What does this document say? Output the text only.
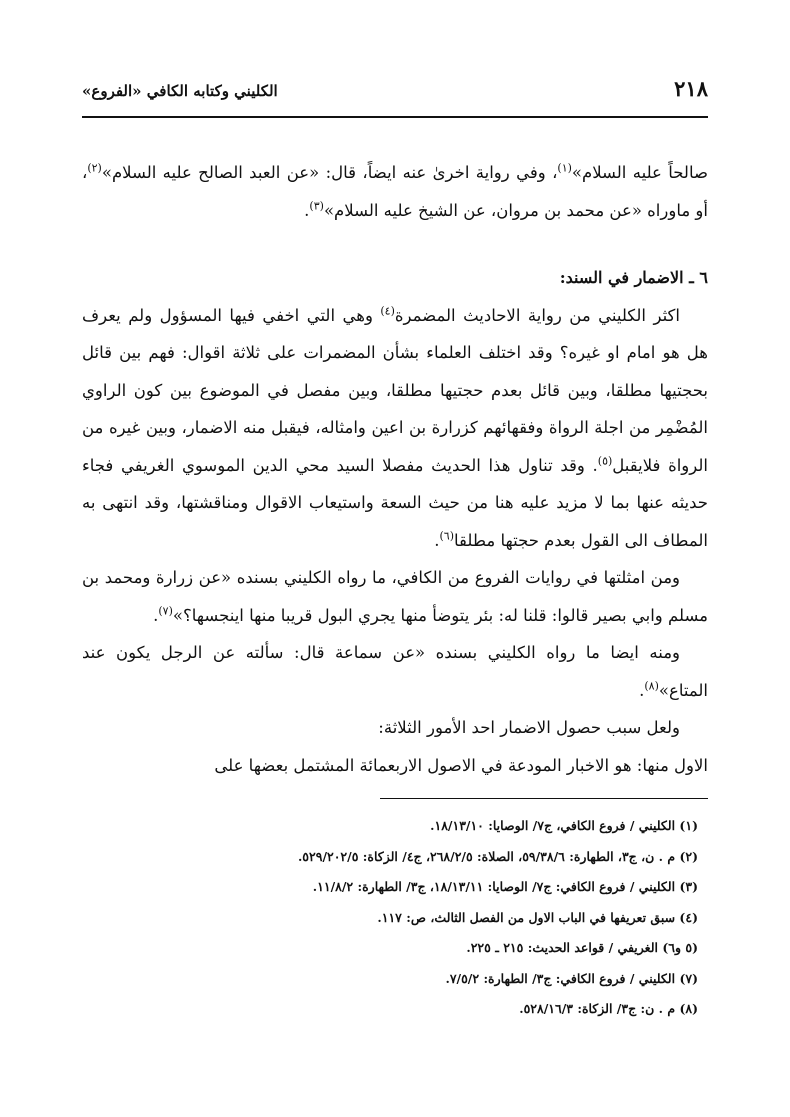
٢١٨
الكليني وكتابه الكافي «الفروع»

صالحاً عليه السلام»$^{(١)}$، وفي رواية اخرىٰ عنه ايضاً، قال: «عن العبد الصالح عليه السلام»$^{(٢)}$، أو ماوراه «عن محمد بن مروان، عن الشيخ عليه السلام»$^{(٣)}$.

٦ ـ الاضمار في السند:

اكثر الكليني من رواية الاحاديث المضمرة$^{(٤)}$ وهي التي اخفي فيها المسؤول ولم يعرف هل هو امام او غيره؟ وقد اختلف العلماء بشأن المضمرات على ثلاثة اقوال: فهم بين قائل بحجتيها مطلقا، وبين قائل بعدم حجتيها مطلقا، وبين مفصل في الموضوع بين كون الراوي المُضْمِر من اجلة الرواة وفقهائهم كزرارة بن اعين وامثاله، فيقبل منه الاضمار، وبين غيره من الرواة فلايقبل$^{(٥)}$. وقد تناول هذا الحديث مفصلا السيد محي الدين الموسوي الغريفي فجاء حديثه عنها بما لا مزيد عليه هنا من حيث السعة واستيعاب الاقوال ومناقشتها، وقد انتهى به المطاف الى القول بعدم حجتها مطلقا$^{(٦)}$.

ومن امثلتها في روايات الفروع من الكافي، ما رواه الكليني بسنده «عن زرارة ومحمد بن مسلم وابي بصير قالوا: قلنا له: بئر يتوضأ منها يجري البول قريبا منها اينجسها؟»$^{(٧)}$.

ومنه ايضا ما رواه الكليني بسنده «عن سماعة قال: سألته عن الرجل يكون عند المتاع»$^{(٨)}$.

ولعل سبب حصول الاضمار احد الأمور الثلاثة:

الاول منها: هو الاخبار المودعة في الاصول الاربعمائة المشتمل بعضها على

(١) الكليني / فروع الكافي، ج٧/ الوصايا: ١٨/١٣/١٠.
(٢) م . ن، ج٣، الطهارة: ٥٩/٣٨/٦، الصلاة: ٢٦٨/٢/٥، ج٤/ الزكاة: ٥٢٩/٢٠٢/٥.
(٣) الكليني / فروع الكافي: ج٧/ الوصايا: ١٨/١٣/١١، ج٣/ الطهارة: ١١/٨/٢.
(٤) سبق تعريفها في الباب الاول من الفصل الثالث، ص: ١١٧.
(٥ و٦) الغريفي / قواعد الحديث: ٢١٥ ـ ٢٢٥.
(٧) الكليني / فروع الكافي: ج٣/ الطهارة: ٧/٥/٢.
(٨) م . ن: ج٣/ الزكاة: ٥٢٨/١٦/٣.
